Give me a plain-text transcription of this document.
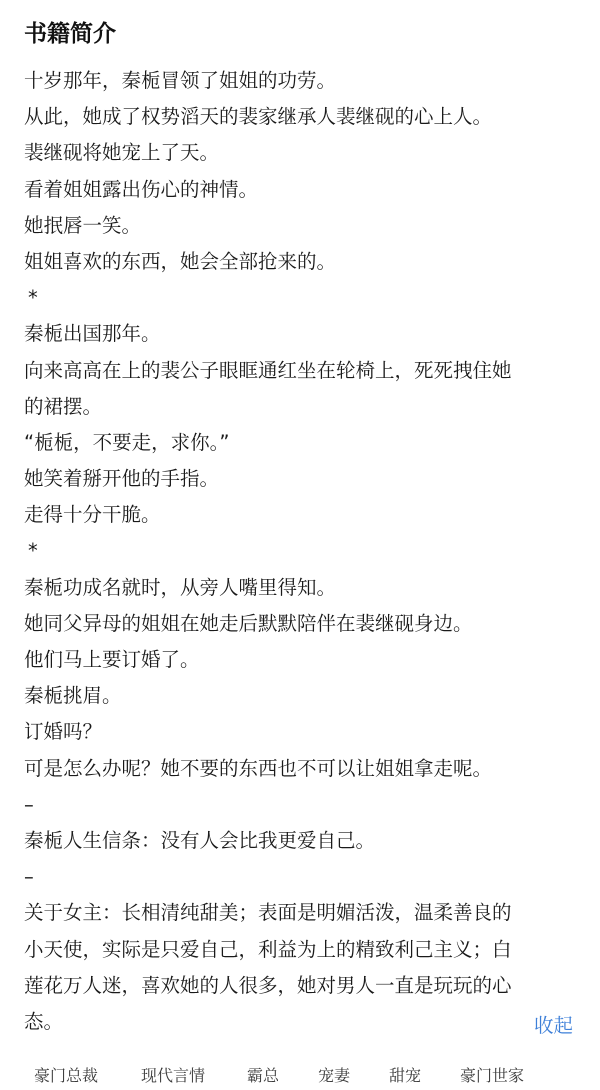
书籍简介
十岁那年，秦栀冒领了姐姐的功劳。
从此，她成了权势滔天的裴家继承人裴继砚的心上人。
裴继砚将她宠上了天。
看着姐姐露出伤心的神情。
她抿唇一笑。
姐姐喜欢的东西，她会全部抢来的。
*
秦栀出国那年。
向来高高在上的裴公子眼眶通红坐在轮椅上，死死拽住她
的裙摆。
“栀栀，不要走，求你。”
她笑着掰开他的手指。
走得十分干脆。
*
秦栀功成名就时，从旁人嘴里得知。
她同父异母的姐姐在她走后默默陪伴在裴继砚身边。
他们马上要订婚了。
秦栀挑眉。
订婚吗？
可是怎么办呢？她不要的东西也不可以让姐姐拿走呢。
–
秦栀人生信条：没有人会比我更爱自己。
–
关于女主：长相清纯甜美；表面是明媚活泼，温柔善良的
小天使，实际是只爱自己，利益为上的精致利己主义；白
莲花万人迷，喜欢她的人很多，她对男人一直是玩玩的心
态。	收起
豪门总裁	现代言情	霸总 宠妻 甜宠 豪门世家
